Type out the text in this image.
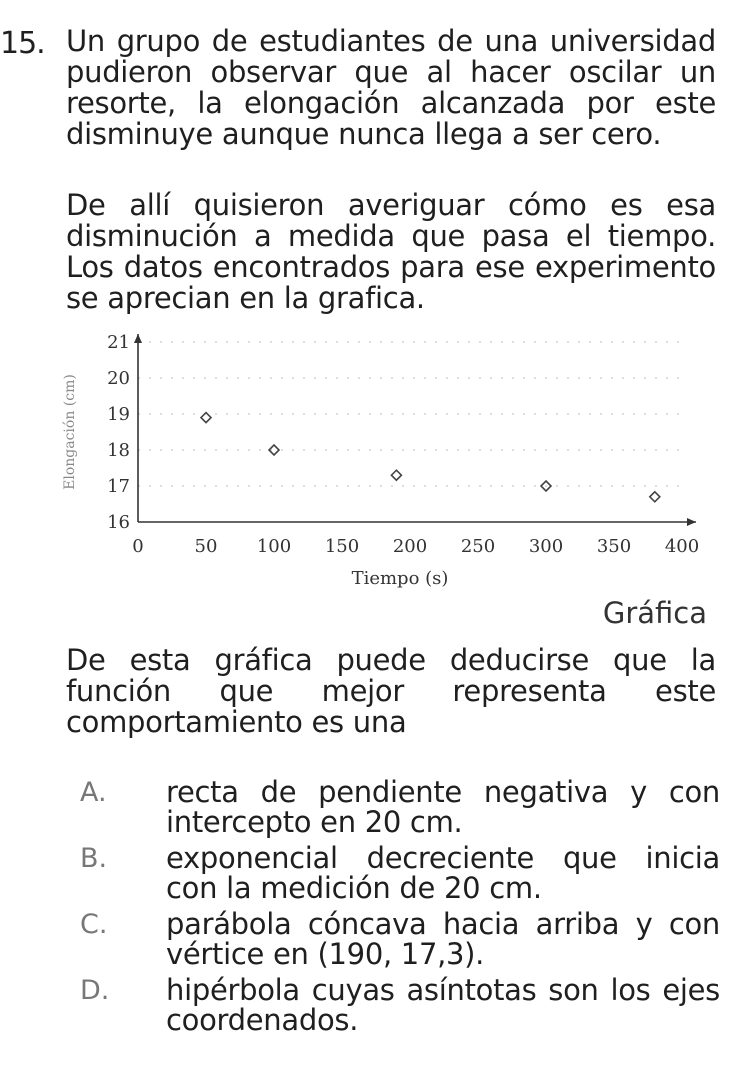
15. Un grupo de estudiantes de una universidad pudieron observar que al hacer oscilar un resorte, la elongación alcanzada por este disminuye aunque nunca llega a ser cero.
De allí quisieron averiguar cómo es esa disminución a medida que pasa el tiempo. Los datos encontrados para ese experimento se aprecian en la grafica.
0	50 100 150 200 250 300 350 400
16
17
18
19
20
21
Tiempo (s)
Elongación (cm)
Gráfica
De esta gráfica puede deducirse que la función que mejor representa este comportamiento es una
A. recta de pendiente negativa y con intercepto en 20 cm.
B. exponencial decreciente que inicia con la medición de 20 cm.
C. parábola cóncava hacia arriba y con vértice en (190, 17,3).
D. hipérbola cuyas asíntotas son los ejes coordenados.
